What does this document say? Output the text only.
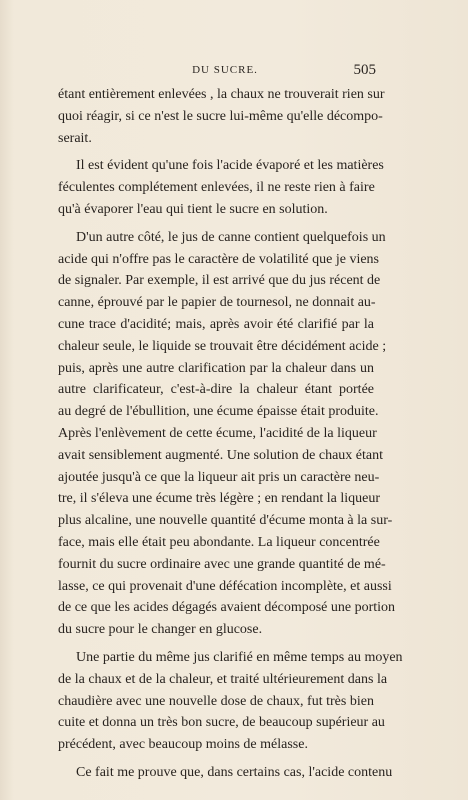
DU SUCRE.	505
étant entièrement enlevées , la chaux ne trouverait rien sur
quoi réagir, si ce n'est le sucre lui-même qu'elle décompo-
serait.
Il est évident qu'une fois l'acide évaporé et les matières
féculentes complétement enlevées, il ne reste rien à faire
qu'à évaporer l'eau qui tient le sucre en solution.
D'un autre côté, le jus de canne contient quelquefois un
acide qui n'offre pas le caractère de volatilité que je viens
de signaler. Par exemple, il est arrivé que du jus récent de
canne, éprouvé par le papier de tournesol, ne donnait au-
cune trace d'acidité; mais, après avoir été clarifié par la
chaleur seule, le liquide se trouvait être décidément acide ;
puis, après une autre clarification par la chaleur dans un
autre clarificateur, c'est-à-dire la chaleur étant portée
au degré de l'ébullition, une écume épaisse était produite.
Après l'enlèvement de cette écume, l'acidité de la liqueur
avait sensiblement augmenté. Une solution de chaux étant
ajoutée jusqu'à ce que la liqueur ait pris un caractère neu-
tre, il s'éleva une écume très légère ; en rendant la liqueur
plus alcaline, une nouvelle quantité d'écume monta à la sur-
face, mais elle était peu abondante. La liqueur concentrée
fournit du sucre ordinaire avec une grande quantité de mé-
lasse, ce qui provenait d'une défécation incomplète, et aussi
de ce que les acides dégagés avaient décomposé une portion
du sucre pour le changer en glucose.
Une partie du même jus clarifié en même temps au moyen
de la chaux et de la chaleur, et traité ultérieurement dans la
chaudière avec une nouvelle dose de chaux, fut très bien
cuite et donna un très bon sucre, de beaucoup supérieur au
précédent, avec beaucoup moins de mélasse.
Ce fait me prouve que, dans certains cas, l'acide contenu
